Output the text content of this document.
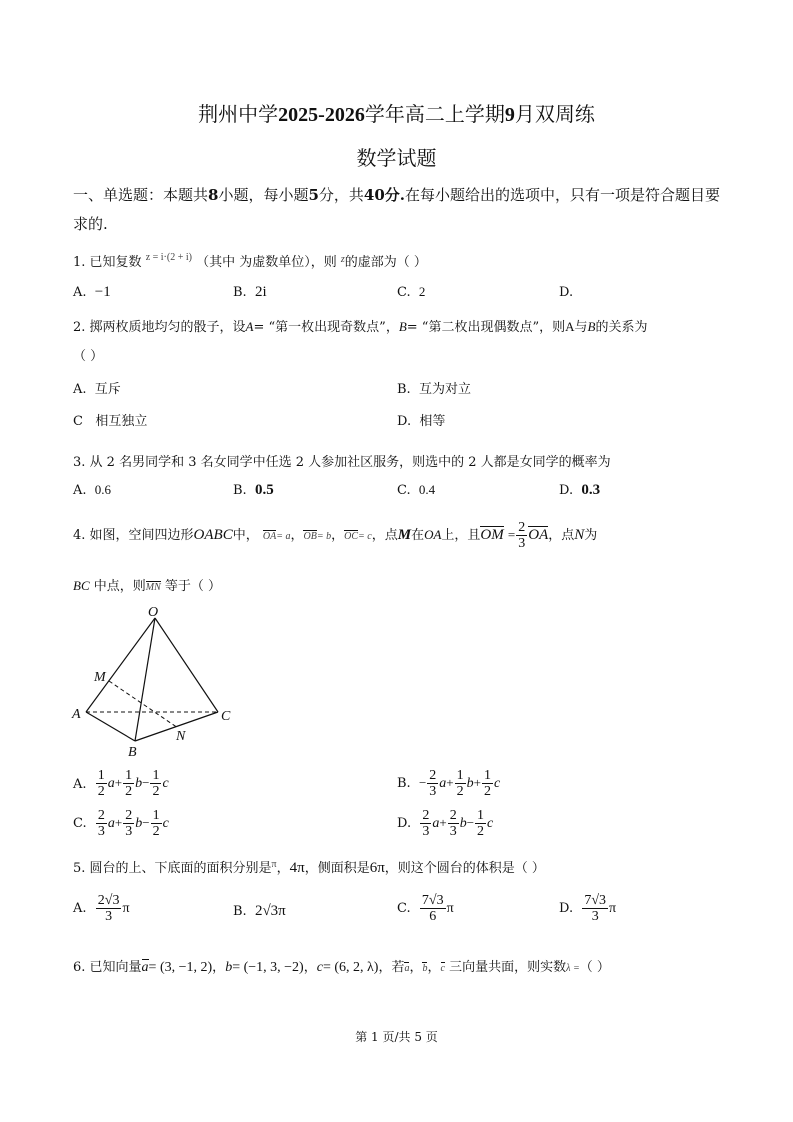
荆州中学2025-2026学年高二上学期9月双周练
数学试题
一、单选题：本题共8小题，每小题5分，共40分.在每小题给出的选项中，只有一项是符合题目要求的.
1. 已知复数 $^{z = i\cdot(2 + i)}$ （其中 为虚数单位），则 $^z$的虚部为（ ）
A. −1	B. 2i	C. 2	D.
2. 掷两枚质地均匀的骰子，设A= “第一枚出现奇数点”，B= “第二枚出现偶数点”，则A与B的关系为
（ ）
A. 互斥	B. 互为对立
C 相互独立	D. 相等
3. 从 2 名男同学和 3 名女同学中任选 2 人参加社区服务，则选中的 2 人都是女同学的概率为
A. 0.6	B. 0.5	C. 0.4	D. 0.3
4. 如图，空间四边形OABC中， OA= a，OB= b，OC= c，点M在OA上，且OM = $\frac{2}{3}$ OA，点N为
BC 中点，则MN 等于（ ）
O
M
A	C
N
B
A. $\frac{1}{2} a+ \frac{1}{2} b- \frac{1}{2}$ c	B. − $\frac{2}{3} a+ \frac{1}{2} b+ \frac{1}{2}$ c
C. $\frac{2}{3} a+ \frac{2}{3} b- \frac{1}{2}$ c	D. $\frac{2}{3} a+ \frac{2}{3} b- \frac{1}{2}$ c
5. 圆台的上、下底面的面积分别是$^\pi$，4π，侧面积是6π，则这个圆台的体积是（ ）
A. $\frac{2√3}{3}$ π	B. 2√3π	C. $\frac{7√3}{6}$ π	D. $\frac{7√3}{3}$ π
6. 已知向量a= (3, −1, 2)，b= (−1, 3, −2)，c= (6, 2, λ)，若a，b，c 三向量共面，则实数λ =（ ）
第 1 页/共 5 页
